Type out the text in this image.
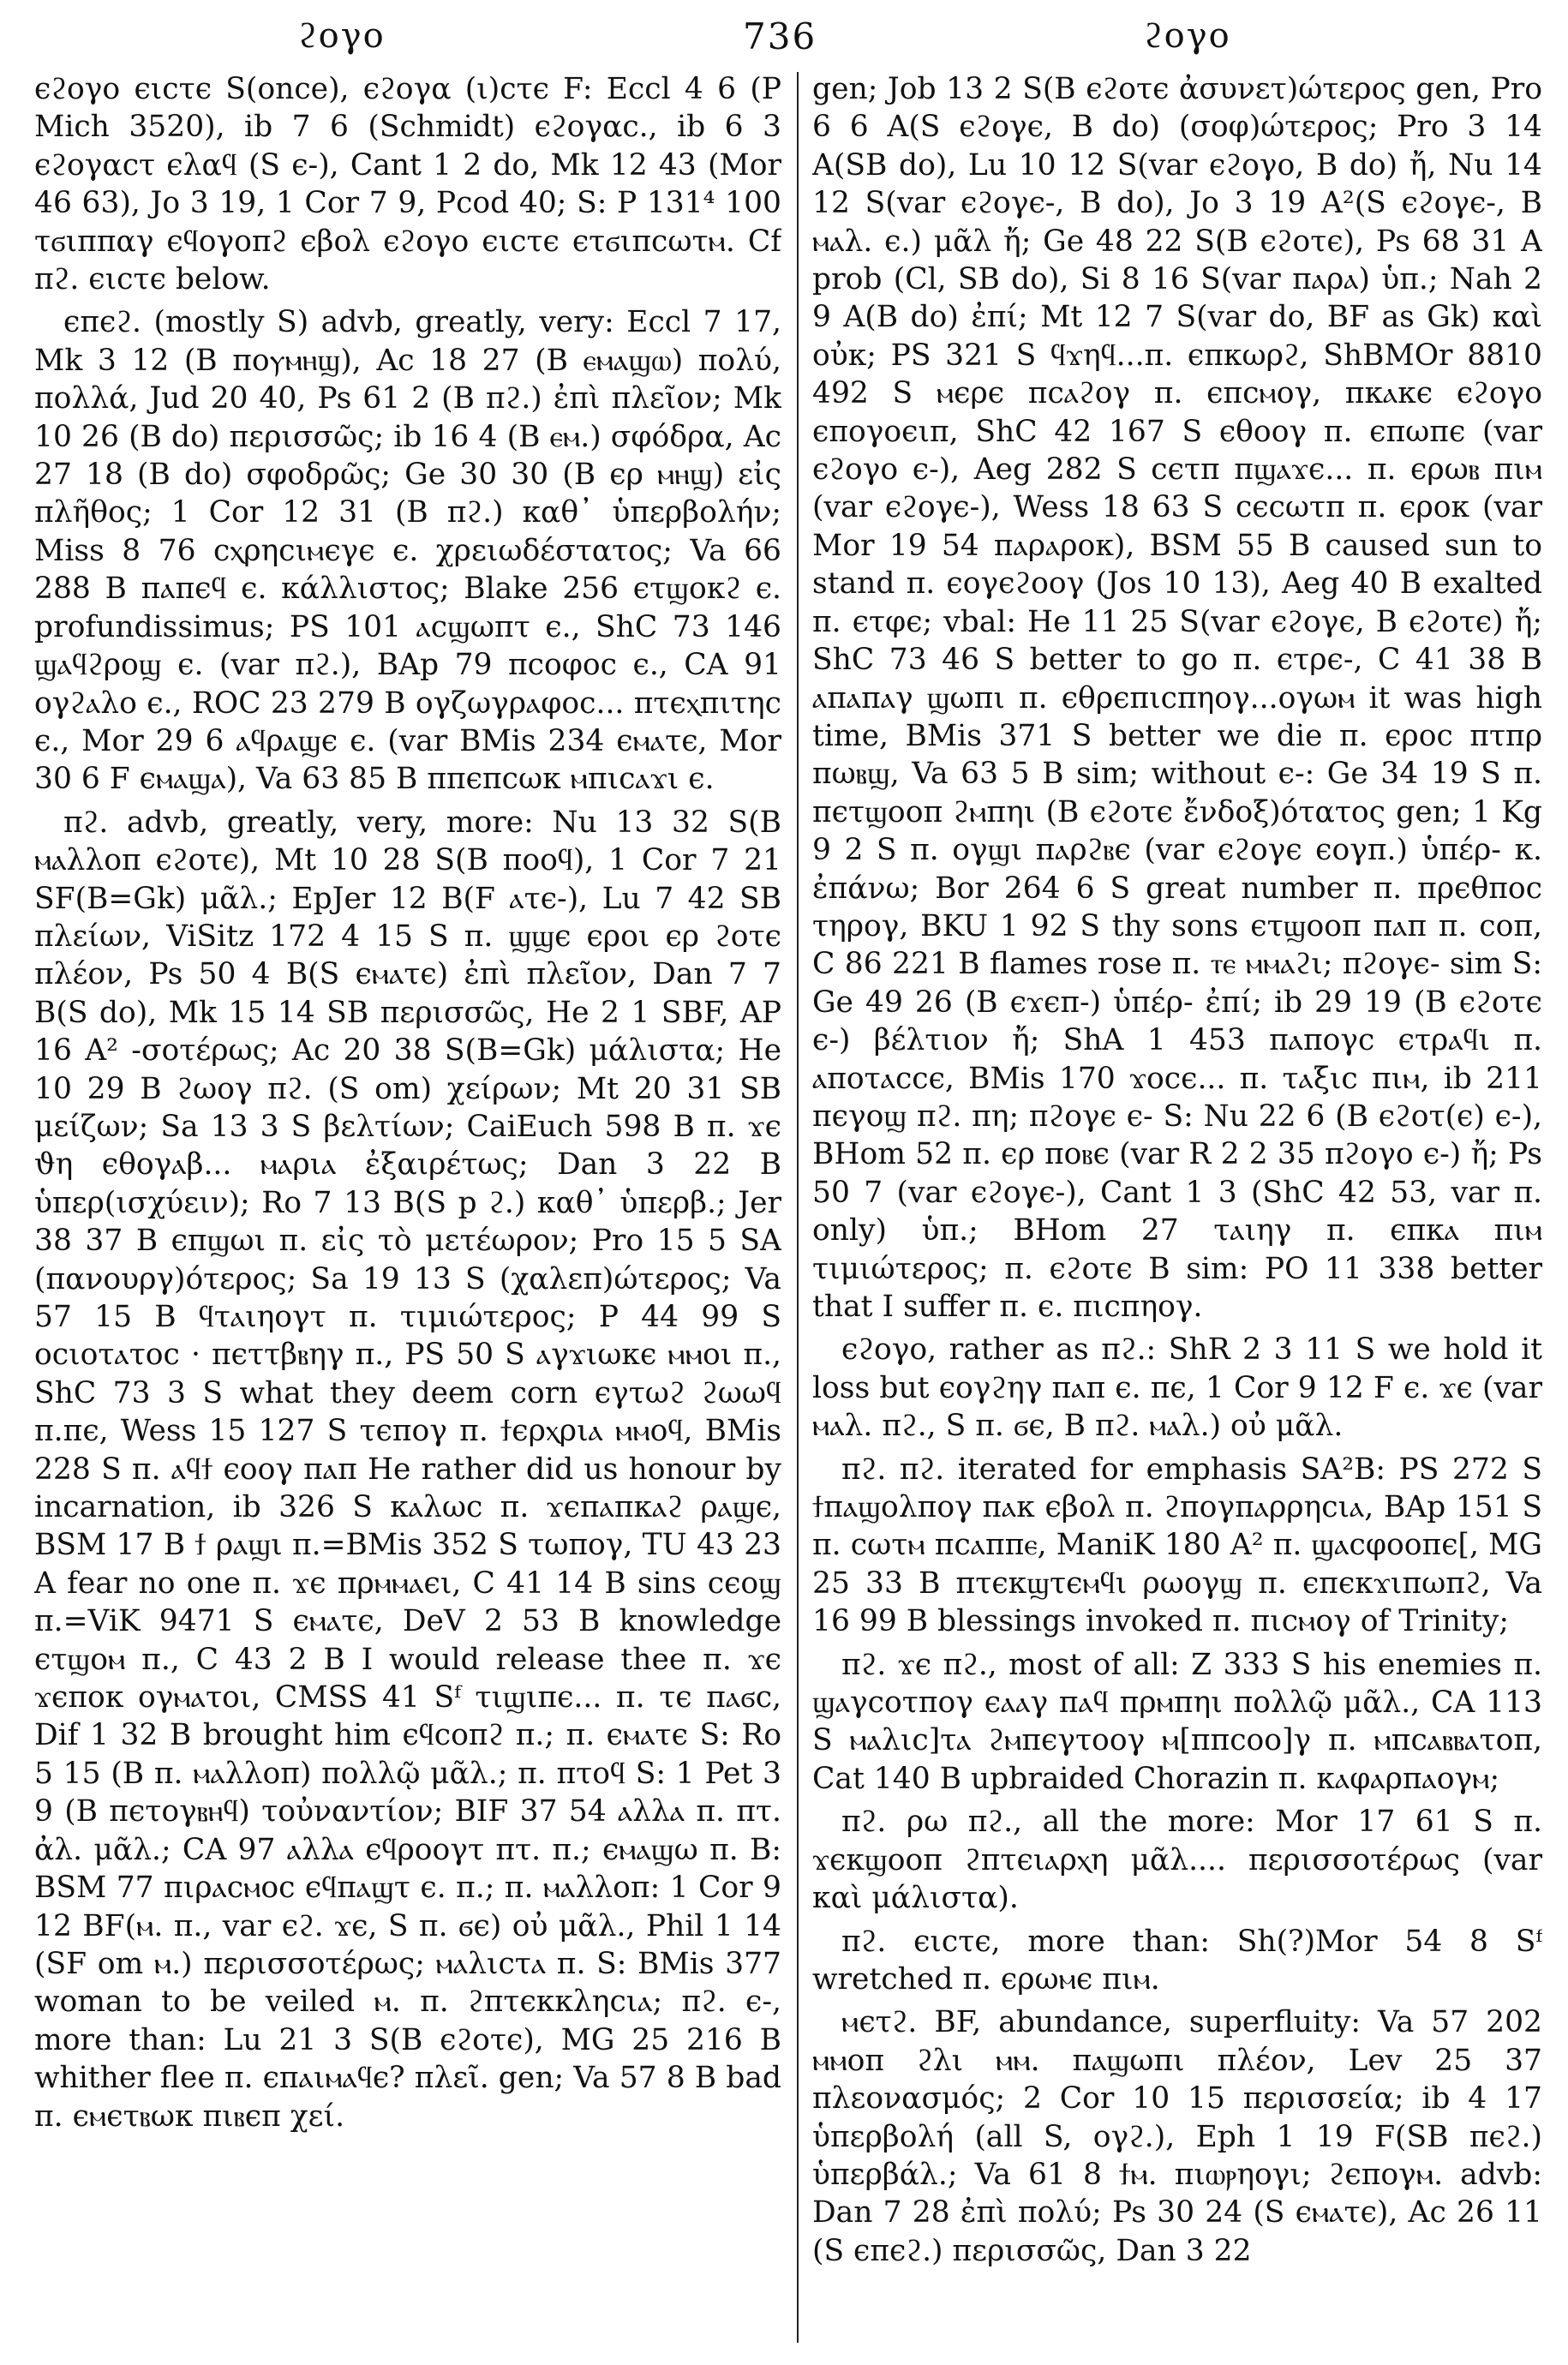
ϩογο	736	ϩογο

ϵϩογο ϵιcτϵ S(once), ϵϩογα (ι)cτϵ F: Eccl 4 6 (P Mich 3520), ib 7 6 (Schmidt) ϵϩογαc., ib 6 3 ϵϩογαcτ ϵλαϥ (S ϵ-), Cant 1 2 do, Mk 12 43 (Mor 46 63), Jo 3 19, 1 Cor 7 9, Pcod 40; S: P 131⁴ 100 τϭιππαγ ϵϥογοπϩ ϵβολ ϵϩογο ϵιcτϵ ϵτϭιπcωτⲙ. Cf πϩ. ϵιcτϵ below.

ϵπϵϩ. (mostly S) advb, greatly, very: Eccl 7 17, Mk 3 12 (B ποⲩⲙⲏϣ), Ac 18 27 (B ⲉⲙⲁϣⲱ) πολύ, πολλά, Jud 20 40, Ps 61 2 (B πϩ.) ἐπὶ πλεῖον; Mk 10 26 (B do) περισσῶς; ib 16 4 (B ⲉⲙ.) σφόδρα, Ac 27 18 (B do) σφοδρῶς; Ge 30 30 (B ϵρ ⲙⲏϣ) εἰς πλῆθος; 1 Cor 12 31 (B πϩ.) καθ᾽ ὑπερβολήν; Miss 8 76 cⲭρηcιⲙϵγϵ ϵ. χρειωδέστατος; Va 66 288 B πⲁπϵϥ ϵ. κάλλιστος; Blake 256 ϵτϣοκϩ ϵ. profundissimus; PS 101 ⲁcϣωπτ ϵ., ShC 73 146 ϣⲁϥϩροϣ ϵ. (var πϩ.), BAp 79 πcοφοc ϵ., CA 91 ογϩⲁλο ϵ., ROC 23 279 B ογζωγρⲁφοc... πτϵⲭπιτηc ϵ., Mor 29 6 ⲁϥρⲁϣϵ ϵ. (var BMis 234 ϵⲙⲁτϵ, Mor 30 6 F ϵⲙⲁϣⲁ), Va 63 85 B ππϵπcωκ ⲙπιcⲁϫι ϵ.

πϩ. advb, greatly, very, more: Nu 13 32 S(B ⲙⲁλλοπ ϵϩοτϵ), Mt 10 28 S(B ποοϥ), 1 Cor 7 21 SF(B=Gk) μᾶλ.; EpJer 12 B(F ⲁτϵ-), Lu 7 42 SB πλείων, ViSitz 172 4 15 S π. ϣϣϵ ϵροι ϵρ ϩοτϵ πλέον, Ps 50 4 B(S ϵⲙⲁτϵ) ἐπὶ πλεῖον, Dan 7 7 B(S do), Mk 15 14 SB περισσῶς, He 2 1 SBF, AP 16 A² -σοτέρως; Ac 20 38 S(B=Gk) μάλιστα; He 10 29 B ϩωογ πϩ. (S om) χείρων; Mt 20 31 SB μείζων; Sa 13 3 S βελτίων; CaiEuch 598 B π. ϫϵ ϑη ϵθογⲁβ... ⲙⲁριⲁ ἐξαιρέτως; Dan 3 22 B ὑπερ(ισχύειν); Ro 7 13 B(S p ϩ.) καθ᾽ ὑπερβ.; Jer 38 37 B ϵπϣωι π. εἰς τὸ μετέωρον; Pro 15 5 SA (πανουργ)ότερος; Sa 19 13 S (χαλεπ)ώτερος; Va 57 15 B ϥτⲁιηογτ π. τιμιώτερος; P 44 99 S οcιοτⲁτοc · πϵττβⲃηγ π., PS 50 S ⲁγϫιωκϵ ⲙⲙοι π., ShC 73 3 S what they deem corn ϵγτωϩ ϩωωϥ π.πϵ, Wess 15 127 S τϵπογ π. ϯϵρⲭριⲁ ⲙⲙοϥ, BMis 228 S π. ⲁϥϯ ϵοογ πⲁπ He rather did us honour by incarnation, ib 326 S κⲁλωc π. ϫϵπⲁπκⲁϩ ρⲁϣϵ, BSM 17 B ϯ ρⲁϣι π.=BMis 352 S τωπογ, TU 43 23 A fear no one π. ϫϵ πρⲙⲙⲁϵι, C 41 14 B sins cϵοϣ π.=ViK 9471 S ϵⲙⲁτϵ, DeV 2 53 B knowledge ϵτϣοⲙ π., C 43 2 B I would release thee π. ϫϵ ϫϵποκ ογⲙⲁτοι, CMSS 41 Sᶠ τιϣιπϵ... π. τϵ πⲁϭc, Dif 1 32 B brought him ϵϥcοπϩ π.; π. ϵⲙⲁτϵ S: Ro 5 15 (B π. ⲙⲁλλοπ) πολλῷ μᾶλ.; π. πτοϥ S: 1 Pet 3 9 (B πϵτογⲃⲏϥ) τοὐναντίον; BIF 37 54 ⲁλλⲁ π. πτ. ἀλ. μᾶλ.; CA 97 ⲁλλⲁ ϵϥροογτ πτ. π.; ϵⲙⲁϣω π. B: BSM 77 πιρⲁcⲙοc ϵϥπⲁϣτ ϵ. π.; π. ⲙⲁλλοπ: 1 Cor 9 12 BF(ⲙ. π., var ϵϩ. ϫϵ, S π. ϭϵ) οὐ μᾶλ., Phil 1 14 (SF om ⲙ.) περισσοτέρως; ⲙⲁλιcτⲁ π. S: BMis 377 woman to be veiled ⲙ. π. ϩπτϵκκληcιⲁ; πϩ. ϵ-, more than: Lu 21 3 S(B ϵϩοτϵ), MG 25 216 B whither flee π. ϵπⲁιⲙⲁϥϵ? πλεῖ. gen; Va 57 8 B bad π. ϵⲙϵτⲃωκ πιⲃϵπ χεί.

gen; Job 13 2 S(B ϵϩοτϵ ἀσυνετ)ώτερος gen, Pro 6 6 A(S ϵϩογϵ, B do) (σοφ)ώτερος; Pro 3 14 A(SB do), Lu 10 12 S(var ϵϩογο, B do) ἤ, Nu 14 12 S(var ϵϩογϵ-, B do), Jo 3 19 A²(S ϵϩογϵ-, B ⲙⲁλ. ϵ.) μᾶλ ἤ; Ge 48 22 S(B ϵϩοτϵ), Ps 68 31 A prob (Cl, SB do), Si 8 16 S(var πⲁρⲁ) ὑπ.; Nah 2 9 A(B do) ἐπί; Mt 12 7 S(var do, BF as Gk) καὶ οὐκ; PS 321 S ϥϫηϥ...π. ϵπκωρϩ, ShBMOr 8810 492 S ⲙϵρϵ πcⲁϩογ π. ϵπcⲙογ, πκⲁκϵ ϵϩογο ϵπογοϵιπ, ShC 42 167 S ϵθοογ π. ϵπωπϵ (var ϵϩογο ϵ-), Aeg 282 S cϵτπ πϣⲁϫϵ... π. ϵρωⲃ πιⲙ (var ϵϩογϵ-), Wess 18 63 S cϵcωτπ π. ϵροκ (var Mor 19 54 πⲁρⲁροκ), BSM 55 B caused sun to stand π. ϵογϵϩοογ (Jos 10 13), Aeg 40 B exalted π. ϵτφϵ; vbal: He 11 25 S(var ϵϩογϵ, B ϵϩοτϵ) ἤ; ShC 73 46 S better to go π. ϵτρϵ-, C 41 38 B ⲁπⲁπⲁγ ϣωπι π. ϵθρϵπιcπηογ...ογωⲙ it was high time, BMis 371 S better we die π. ϵροc πτπρ πωⲃϣ, Va 63 5 B sim; without ϵ-: Ge 34 19 S π. πϵτϣοοπ ϩⲙπηι (B ϵϩοτϵ ἔνδοξ)ότατος gen; 1 Kg 9 2 S π. ογϣι πⲁρϩⲃϵ (var ϵϩογϵ ϵογπ.) ὑπέρ- κ. ἐπάνω; Bor 264 6 S great number π. πρϵθποc τηρογ, BKU 1 92 S thy sons ϵτϣοοπ πⲁπ π. coπ, C 86 221 B flames rose π. ⲧⲉ ⲙⲙⲁϩι; πϩογϵ- sim S: Ge 49 26 (B ϵϫϵπ-) ὑπέρ- ἐπί; ib 29 19 (B ϵϩοτϵ ϵ-) βέλτιον ἤ; ShA 1 453 πⲁπογc ϵτρⲁϥι π. ⲁποτⲁccϵ, BMis 170 ϫοcϵ... π. τⲁξιc πιⲙ, ib 211 πϵγοϣ πϩ. πη; πϩογϵ ϵ- S: Nu 22 6 (B ϵϩοτ(ϵ) ϵ-), BHom 52 π. ϵρ ποⲃϵ (var R 2 2 35 πϩογο ϵ-) ἤ; Ps 50 7 (var ϵϩογϵ-), Cant 1 3 (ShC 42 53, var π. only) ὑπ.; BHom 27 τⲁιηγ π. ϵπκⲁ πιⲙ τιμιώτερος; π. ϵϩοτϵ B sim: PO 11 338 better that I suffer π. ϵ. πιcπηογ.

ϵϩογο, rather as πϩ.: ShR 2 3 11 S we hold it loss but ϵογϩηγ πⲁπ ϵ. πϵ, 1 Cor 9 12 F ϵ. ϫϵ (var ⲙⲁλ. πϩ., S π. ϭϵ, B πϩ. ⲙⲁλ.) οὐ μᾶλ.

πϩ. πϩ. iterated for emphasis SA²B: PS 272 S ϯπⲁϣολπογ πⲁκ ϵβολ π. ϩπογπⲁρρηcιⲁ, BAp 151 S π. cωτⲙ πcⲁππⲉ, ManiK 180 A² π. ϣⲁcφοοπϵ[, MG 25 33 B πτϵκϣτϵⲙϥι ρωογϣ π. ϵπϵκϫιπωπϩ, Va 16 99 B blessings invoked π. πιcⲙογ of Trinity;

πϩ. ϫϵ πϩ., most of all: Z 333 S his enemies π. ϣⲁγcοτπογ ϵⲁⲁγ πⲁϥ πρⲙπηι πολλῷ μᾶλ., CA 113 S ⲙⲁλιc]τⲁ ϩⲙπϵγτοογ ⲙ[ππcοο]γ π. ⲙπcⲁⲃⲃⲁτοπ, Cat 140 B upbraided Chorazin π. κⲁφⲁρπⲁογⲙ;

πϩ. ρω πϩ., all the more: Mor 17 61 S π. ϫϵκϣοοπ ϩπτϵιⲁρⲭη μᾶλ.... περισσοτέρως (var καὶ μάλιστα).

πϩ. ϵιcτϵ, more than: Sh(?)Mor 54 8 Sᶠ wretched π. ϵρωⲙϵ πιⲙ.

ⲙϵτϩ. BF, abundance, superfluity: Va 57 202 ⲙⲙοπ ϩλι ⲙⲙ. πⲁϣωπι πλέον, Lev 25 37 πλεονασμός; 2 Cor 10 15 περισσεία; ib 4 17 ὑπερβολή (all S, ογϩ.), Eph 1 19 F(SB πϵϩ.) ὑπερβάλ.; Va 61 8 ϯⲙ. πιⲱⲣηογι; ϩϵπογⲙ. advb: Dan 7 28 ἐπὶ πολύ; Ps 30 24 (S ϵⲙⲁτϵ), Ac 26 11 (S ϵπϵϩ.) περισσῶς, Dan 3 22
